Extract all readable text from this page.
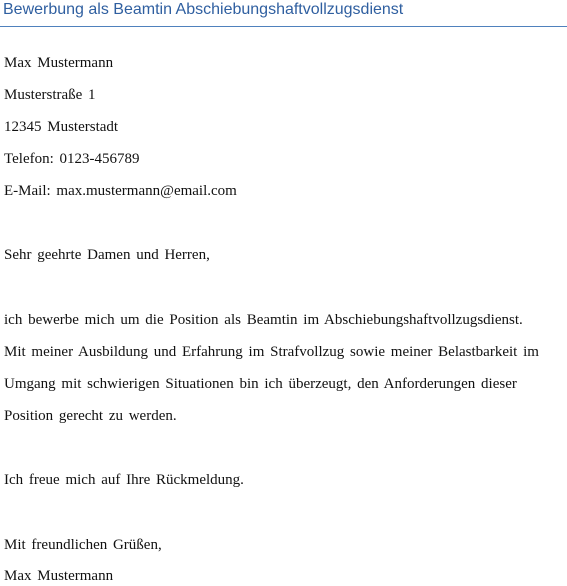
Bewerbung als Beamtin Abschiebungshaftvollzugsdienst
Max Mustermann
Musterstraße 1
12345 Musterstadt
Telefon: 0123-456789
E-Mail: max.mustermann@email.com
Sehr geehrte Damen und Herren,
ich bewerbe mich um die Position als Beamtin im Abschiebungshaftvollzugsdienst.
Mit meiner Ausbildung und Erfahrung im Strafvollzug sowie meiner Belastbarkeit im
Umgang mit schwierigen Situationen bin ich überzeugt, den Anforderungen dieser
Position gerecht zu werden.
Ich freue mich auf Ihre Rückmeldung.
Mit freundlichen Grüßen,
Max Mustermann
